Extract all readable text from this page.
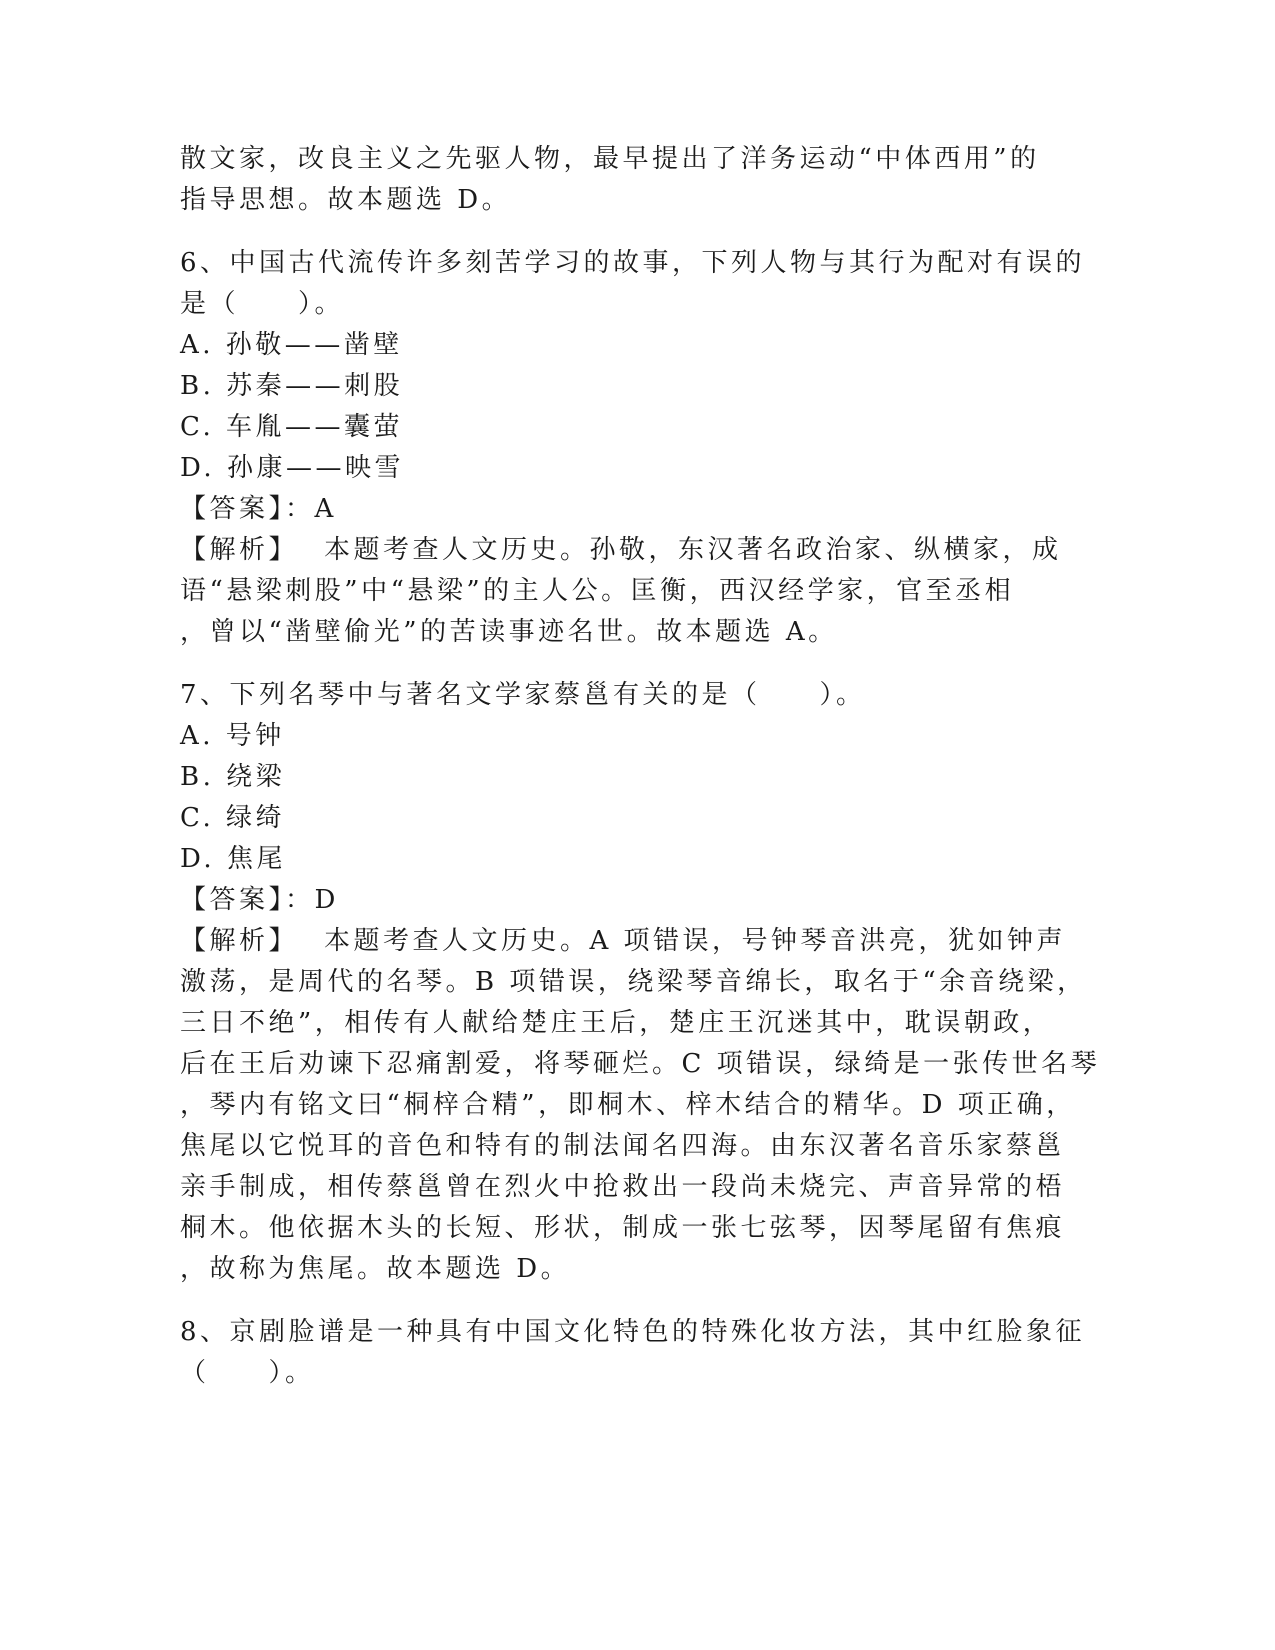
散文家，改良主义之先驱人物，最早提出了洋务运动“中体西用”的
指导思想。故本题选 D。
6、中国古代流传许多刻苦学习的故事，下列人物与其行为配对有误的
是（　　）。
A. 孙敬——凿壁
B. 苏秦——刺股
C. 车胤——囊萤
D. 孙康——映雪
【答案】：A
【解析】 本题考查人文历史。孙敬，东汉著名政治家、纵横家，成
语“悬梁刺股”中“悬梁”的主人公。匡衡，西汉经学家，官至丞相
，曾以“凿壁偷光”的苦读事迹名世。故本题选 A。
7、下列名琴中与著名文学家蔡邕有关的是（　　）。
A. 号钟
B. 绕梁
C. 绿绮
D. 焦尾
【答案】：D
【解析】 本题考查人文历史。A 项错误，号钟琴音洪亮，犹如钟声
激荡，是周代的名琴。B 项错误，绕梁琴音绵长，取名于“余音绕梁，
三日不绝”，相传有人献给楚庄王后，楚庄王沉迷其中，耽误朝政，
后在王后劝谏下忍痛割爱，将琴砸烂。C 项错误，绿绮是一张传世名琴
，琴内有铭文曰“桐梓合精”，即桐木、梓木结合的精华。D 项正确，
焦尾以它悦耳的音色和特有的制法闻名四海。由东汉著名音乐家蔡邕
亲手制成，相传蔡邕曾在烈火中抢救出一段尚未烧完、声音异常的梧
桐木。他依据木头的长短、形状，制成一张七弦琴，因琴尾留有焦痕
，故称为焦尾。故本题选 D。
8、京剧脸谱是一种具有中国文化特色的特殊化妆方法，其中红脸象征
（　　）。
